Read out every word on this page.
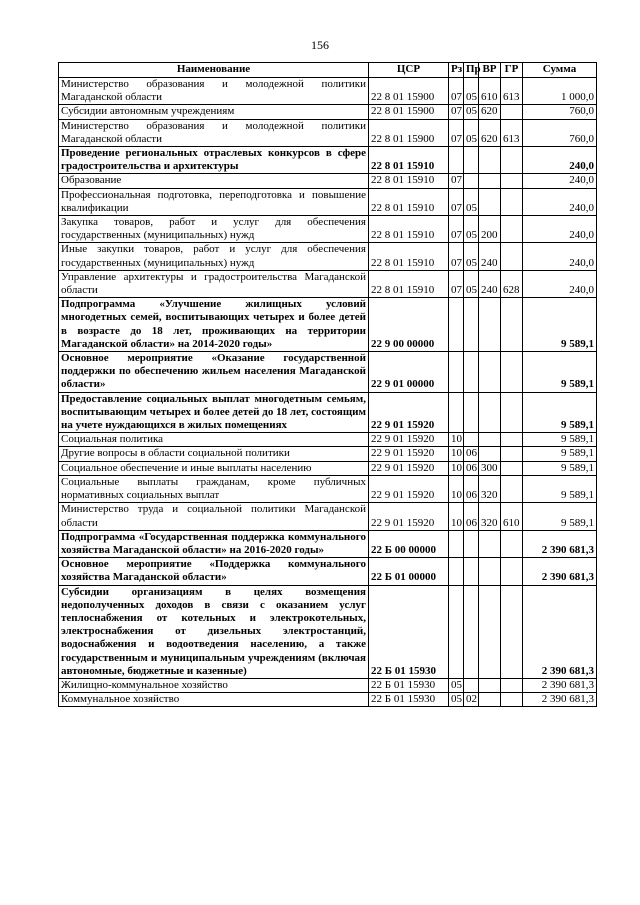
156
Наименование	ЦСР	Рз	Пр	ВР	ГР	Сумма
Министерство образования и молодежной политики Магаданской области	22 8 01 15900	07	05	610	613	1 000,0
Субсидии автономным учреждениям	22 8 01 15900	07	05	620		760,0
Министерство образования и молодежной политики Магаданской области	22 8 01 15900	07	05	620	613	760,0
Проведение региональных отраслевых конкурсов в сфере градостроительства и архитектуры	22 8 01 15910					240,0
Образование	22 8 01 15910	07				240,0
Профессиональная подготовка, переподготовка и повышение квалификации	22 8 01 15910	07	05			240,0
Закупка товаров, работ и услуг для обеспечения государственных (муниципальных) нужд	22 8 01 15910	07	05	200		240,0
Иные закупки товаров, работ и услуг для обеспечения государственных (муниципальных) нужд	22 8 01 15910	07	05	240		240,0
Управление архитектуры и градостроительства Магаданской области	22 8 01 15910	07	05	240	628	240,0
Подпрограмма «Улучшение жилищных условий многодетных семей, воспитывающих четырех и более детей в возрасте до 18 лет, проживающих на территории Магаданской области» на 2014-2020 годы»	22 9 00 00000					9 589,1
Основное мероприятие «Оказание государственной поддержки по обеспечению жильем населения Магаданской области»	22 9 01 00000					9 589,1
Предоставление социальных выплат многодетным семьям, воспитывающим четырех и более детей до 18 лет, состоящим на учете нуждающихся в жилых помещениях	22 9 01 15920					9 589,1
Социальная политика	22 9 01 15920	10				9 589,1
Другие вопросы в области социальной политики	22 9 01 15920	10	06			9 589,1
Социальное обеспечение и иные выплаты населению	22 9 01 15920	10	06	300		9 589,1
Социальные выплаты гражданам, кроме публичных нормативных социальных выплат	22 9 01 15920	10	06	320		9 589,1
Министерство труда и социальной политики Магаданской области	22 9 01 15920	10	06	320	610	9 589,1
Подпрограмма «Государственная поддержка коммунального хозяйства Магаданской области» на 2016-2020 годы»	22 Б 00 00000					2 390 681,3
Основное мероприятие «Поддержка коммунального хозяйства Магаданской области»	22 Б 01 00000					2 390 681,3
Субсидии организациям в целях возмещения недополученных доходов в связи с оказанием услуг теплоснабжения от котельных и электрокотельных, электроснабжения от дизельных электростанций, водоснабжения и водоотведения населению, а также государственным и муниципальным учреждениям (включая автономные, бюджетные и казенные)	22 Б 01 15930					2 390 681,3
Жилищно-коммунальное хозяйство	22 Б 01 15930	05				2 390 681,3
Коммунальное хозяйство	22 Б 01 15930	05	02			2 390 681,3
